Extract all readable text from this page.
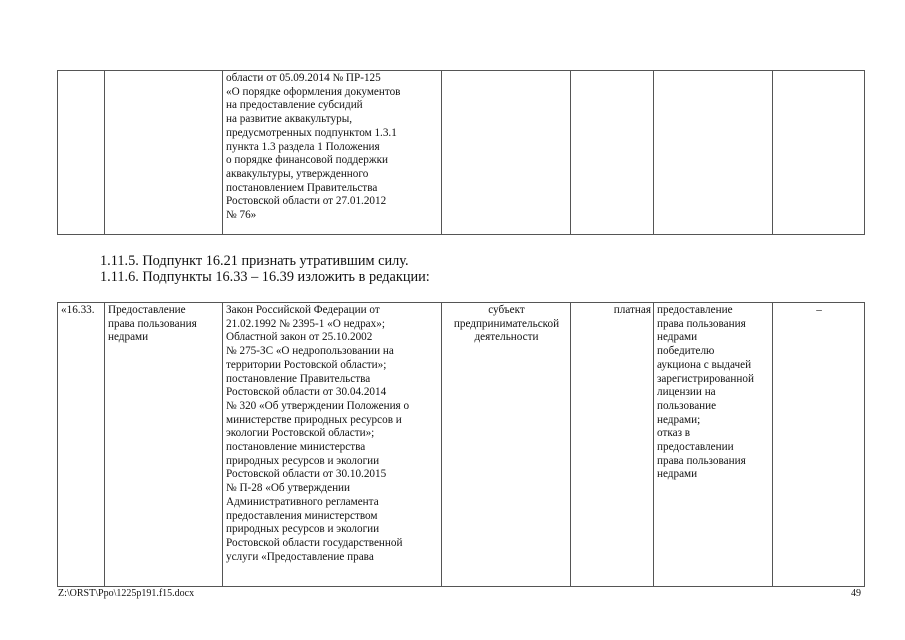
		области от 05.09.2014 № ПР-125
«О порядке оформления документов
на предоставление субсидий
на развитие аквакультуры,
предусмотренных подпунктом 1.3.1
пункта 1.3 раздела 1 Положения
о порядке финансовой поддержки
аквакультуры, утвержденного
постановлением Правительства
Ростовской области от 27.01.2012
№ 76»				
1.11.5. Подпункт 16.21 признать утратившим силу.
1.11.6. Подпункты 16.33 – 16.39 изложить в редакции:
«16.33.	Предоставление
права пользования
недрами	Закон Российской Федерации от
21.02.1992 № 2395-1 «О недрах»;
Областной закон от 25.10.2002
№ 275-ЗС «О недропользовании на
территории Ростовской области»;
постановление Правительства
Ростовской области от 30.04.2014
№ 320 «Об утверждении Положения о
министерстве природных ресурсов и
экологии Ростовской области»;
постановление министерства
природных ресурсов и экологии
Ростовской области от 30.10.2015
№ П-28 «Об утверждении
Административного регламента
предоставления министерством
природных ресурсов и экологии
Ростовской области государственной
услуги «Предоставление права	субъект
предпринимательской
деятельности	платная	предоставление
права пользования
недрами
победителю
аукциона с выдачей
зарегистрированной
лицензии на
пользование
недрами;
отказ в
предоставлении
права пользования
недрами	–
Z:\ORST\Ppo\1225p191.f15.docx	49
